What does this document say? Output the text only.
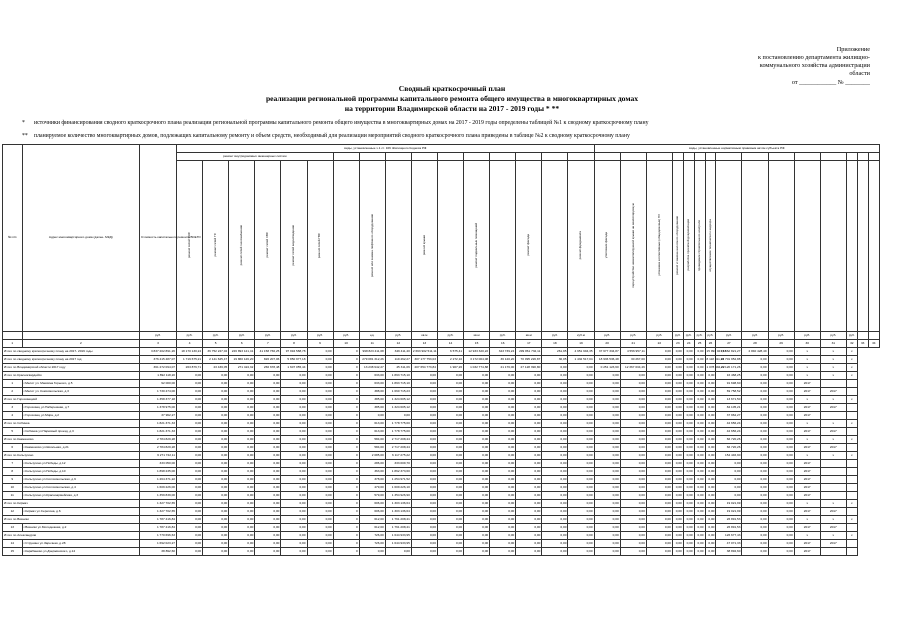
Приложение
к постановлению департамента жилищно-
коммунального хозяйства администрации
области
от ____________ № ________
Сводный краткосрочный план
реализации региональной программы капитального ремонта общего имущества в многоквартирных домах
на территории Владимирской области на 2017 - 2019 годы * **
* источники финансирования сводного краткосрочного плана реализации региональной программы капитального ремонта общего имущества в многоквартирных домах на 2017 - 2019 годы определены таблицей №1 к сводному краткосрочному плану
** планируемое количество многоквартирных домов, подлежащих капитальному ремонту и объем средств, необходимый для реализации мероприятий сводного краткосрочного плана приведены в таблице №2 к сводному краткосрочному плану
№ п/п	Адрес многоквартирного дома (далее- МКД)	Стоимость капитального ремонта ВСЕГО	виды, установленные ч.1 ст. 166 Жилищного Кодекса РФ																виды, установленные нормативным правовым актом субъекта РФ														
			ремонт внутридомовых инженерных систем																														
			ремонт сетей ЭЭС	ремонт сетей ТС	ремонт сетей газоснабжения	ремонт сетей ХВС	ремонт сетей водоотведения	ремонт сетей ГВС		ремонт или замена лифтового оборудования		ремонт крыши		ремонт подвальных помещений		ремонт фасада		ремонт фундамента	утепление фасада	переустройство невентилируемой крыши на вентилируемую	установка коллективных (общедомовых) ПУ	ремонт и замена насосного оборудования	разработка проектной документации	проведение строительного контроля	осуществление технического надзора								
		руб.	руб.	руб.	руб.	руб.	руб.	руб.	руб.	ед.	руб.	кв.м	руб.	кв.м	руб.	кв.м	руб.	куб.м	руб.	руб.	руб.	руб.	руб.	руб.	руб.	руб.	руб.	руб.	руб.	руб.	руб.		
1	2	3	4	5	6	7	8	9	10	11	12	13	14	15	16	17	18	19	20	21	22	23	24	25	26	27	28	29	30	31	32	33	34
Итого по сводному краткосрочному плану на 2017- 2019 годы		3 837 202 891,26	18 170 130,24	36 752 227,02	226 893 121,41	41 158 766,25	97 994 588,78	0,00	0	998 823 411,08	349 411,40	2 693 902 511,11	6 575,41	12 933 320,22	343 739,24	299 861 732,11	261,95	4 951 994,35	37 677 334,87	4 556 957,11	0,00	0,00	0,00	0,00	15 993 021,61	74 562 821,27	2 840 428,49	0,00	х	х	х		
Итого по сводному краткосрочному плану на 2017 год		376 415 487,07	1 719 675,21	2 141 625,47	19 860 126,20	826 207,06	5 850 977,18	0,00	0	279 081 312,26	119 462,27	307 177 753,03	2 272,10	3 172 004,08	36 120,20	70 095 226,87	36,05	1 432 517,04	18 936 536,48	30 267,00	0,00	0,00	0,00	0,00	8 118 911,28	19 701 952,88	0,00	0,00	х	х	х		
Итого по Владимирской области 2017 году		361 272 094,07	263 876,71	23 436,05	271 424,32	266 678,48	1 607 055,44	0,00	0	13 238 942,27	45 311,06	207 654 773,84	1 907,26	1 032 774,88	21 176,00	27 128 390,80	0,00	0,00	0 251 123,60	12 367 034,46	0,00	0,00	0,00	0,00	1 078 994,22	21 120 171,26	0,00	0,00	х	х	х		
Итого по Красногвардейск		1 892 118,20	0,00	0,00	0,00	0,00	0,00	0,00	0	633,00	1 893 715,10	0,00	0,00	0,00	0,00	0,00	0,00	0,00	0,00	0,00	0,00	0,00	0,00	0,00	0,00	16 468,25	0,00	0,00	х	х	х		
1	г.Мелит ул. Максима Горького, д.5	92 000,00	0,00	0,00	0,00	0,00	0,00	0,00	0	633,00	1 893 715,10	0,00	0,00	0,00	0,00	0,00	0,00	0,00	0,00	0,00	0,00	0,00	0,00	0,00	0,00	91 698,60	0,00	0,00	2017				
2	г.Мелит ул. Комсомольская, д.3	1 730 474,00	0,00	0,00	0,00	0,00	0,00	0,00	0	388,00	1 660 715,23	0,00	0,00	0,00	0,00	0,00	0,00	0,00	0,00	0,00	0,00	0,00	0,00	0,00	0,00	69 758,52	0,00	0,00	2017	2017			
Итого по Гороховецкий		1 358 377,18	0,00	0,00	0,00	0,00	0,00	0,00	0	385,00	1 324 605,12	0,00	0,00	0,00	0,00	0,00	0,00	0,00	0,00	0,00	0,00	0,00	0,00	0,00	0,00	13 671,50	0,00	0,00	х	х	х		
3	г.Гороховец ул.Набережная, д.7	1 378 975,00	0,00	0,00	0,00	0,00	0,00	0,00	0	385,00	1 324 605,12	0,00	0,00	0,00	0,00	0,00	0,00	0,00	0,00	0,00	0,00	0,00	0,00	0,00	0,00	84 105,21	0,00	0,00	2017	2017			
4	г.Гороховец ул.Мира, д.2	37 962,27	0,00	0,00	0,00	0,00	0,00	0,00	0	0,00	0,00	0,00	0,00	0,00	0,00	0,00	0,00	0,00	0,00	0,00	0,00	0,00	0,00	0,00	0,00	37 962,27	0,00	0,00	2017				
Итого по Собинка		1 821 371,33	0,00	0,00	0,00	0,00	0,00	0,00	0	613,00	1 778 775,00	0,00	0,00	0,00	0,00	0,00	0,00	0,00	0,00	0,00	0,00	0,00	0,00	0,00	0,00	42 656,24	0,00	0,00	х	х	х		
5	г.Собинка ул.Парковый проезд, д.3	1 821 371,33	0,00	0,00	0,00	0,00	0,00	0,00	0	613,00	1 778 775,00	0,00	0,00	0,00	0,00	0,00	0,00	0,00	0,00	0,00	0,00	0,00	0,00	0,00	0,00	42 656,24	0,00	0,00	2017	2017			
Итого по Камешково		2 784 829,28	0,00	0,00	0,00	0,00	0,00	0,00	0	584,00	2 717 208,44	0,00	0,00	0,00	0,00	0,00	0,00	0,00	0,00	0,00	0,00	0,00	0,00	0,00	0,00	66 720,26	0,00	0,00	х	х	х		
6	г.Камешково ул.Школьная, д.21	2 784 829,28	0,00	0,00	0,00	0,00	0,00	0,00	0	584,00	2 717 208,44	0,00	0,00	0,00	0,00	0,00	0,00	0,00	0,00	0,00	0,00	0,00	0,00	0,00	0,00	66 720,26	0,00	0,00	2017	2017			
Итого по Кольчугино		6 271 722,11	0,00	0,00	0,00	0,00	0,00	0,00	0	2 085,00	6 117 275,22	0,00	0,00	0,00	0,00	0,00	0,00	0,00	0,00	0,00	0,00	0,00	0,00	0,00	0,00	154 446,90	0,00	0,00	х	х	х		
7	г.Кольчугино ул.Победы, д.12	333 050,00	0,00	0,00	0,00	0,00	0,00	0,00	0	286,00	333 009,70	0,00	0,00	0,00	0,00	0,00	0,00	0,00	0,00	0,00	0,00	0,00	0,00	0,00	0,00	0,00	0,00	0,00	2017				
8	г.Кольчугино ул.Победы, д.10	1 898 235,00	0,00	0,00	0,00	0,00	0,00	0,00	0	363,00	1 862 373,60	0,00	0,00	0,00	0,00	0,00	0,00	0,00	0,00	0,00	0,00	0,00	0,00	0,00	0,00	0,00	0,00	0,00	2017				
9	г.Кольчугино ул.Comсомольская, д.9	1 264 371,22	0,00	0,00	0,00	0,00	0,00	0,00	0	378,00	1 254 971,52	0,00	0,00	0,00	0,00	0,00	0,00	0,00	0,00	0,00	0,00	0,00	0,00	0,00	0,00	0,00	0,00	0,00	2017				
10	г.Кольчугино ул.Comсомольская, д.4	1 609 226,00	0,00	0,00	0,00	0,00	0,00	0,00	0	479,00	1 609 226,10	0,00	0,00	0,00	0,00	0,00	0,00	0,00	0,00	0,00	0,00	0,00	0,00	0,00	0,00	0,00	0,00	0,00	2017				
11	г.Кольчугино ул.Красноармейская, д.3	1 359 839,00	0,00	0,00	0,00	0,00	0,00	0,00	0	579,00	1 354 926,90	0,00	0,00	0,00	0,00	0,00	0,00	0,00	0,00	0,00	0,00	0,00	0,00	0,00	0,00	0,00	0,00	0,00	2017				
Итого по Киржач		1 327 702,65	0,00	0,00	0,00	0,00	0,00	0,00	0	606,00	1 303 136,64	0,00	0,00	0,00	0,00	0,00	0,00	0,00	0,00	0,00	0,00	0,00	0,00	0,00	0,00	19 021,99	0,00	0,00	х	х	х		
12	г.Киржач ул.Серегина, д.6	1 327 702,65	0,00	0,00	0,00	0,00	0,00	0,00	0	606,00	1 303 136,64	0,00	0,00	0,00	0,00	0,00	0,00	0,00	0,00	0,00	0,00	0,00	0,00	0,00	0,00	19 021,99	0,00	0,00	2017	2017			
Итого по Вязники		1 787 416,84	0,00	0,00	0,00	0,00	0,00	0,00	0	612,00	1 761 208,41	0,00	0,00	0,00	0,00	0,00	0,00	0,00	0,00	0,00	0,00	0,00	0,00	0,00	0,00	26 891,53	0,00	0,00	х	х	х		
13	г.Вязники ул.Молодежная, д.2	1 787 416,84	0,00	0,00	0,00	0,00	0,00	0,00	0	612,00	1 761 208,41	0,00	0,00	0,00	0,00	0,00	0,00	0,00	0,00	0,00	0,00	0,00	0,00	0,00	0,00	26 891,53	0,00	0,00	2017	2017			
Итого по Александров		1 770 696,63	0,00	0,00	0,00	0,00	0,00	0,00	0	726,00	1 644 933,95	0,00	0,00	0,00	0,00	0,00	0,00	0,00	0,00	0,00	0,00	0,00	0,00	0,00	0,00	126 677,43	0,00	0,00	х	х	х		
14	г.Струнино ул.Заречная, д.28	1 692 023,27	0,00	0,00	0,00	0,00	0,00	0,00	0	726,00	1 644 933,95	0,00	0,00	0,00	0,00	0,00	0,00	0,00	0,00	0,00	0,00	0,00	0,00	0,00	0,00	47 071,33	0,00	0,00	2017	2017			
15	г.Карабаново ул.Дзержинского, д.14	38 892,60	0,00	0,00	0,00	0,00	0,00	0,00	0	0,00	0,00	0,00	0,00	0,00	0,00	0,00	0,00	0,00	0,00	0,00	0,00	0,00	0,00	0,00	0,00	38 892,60	0,00	0,00	2017				
